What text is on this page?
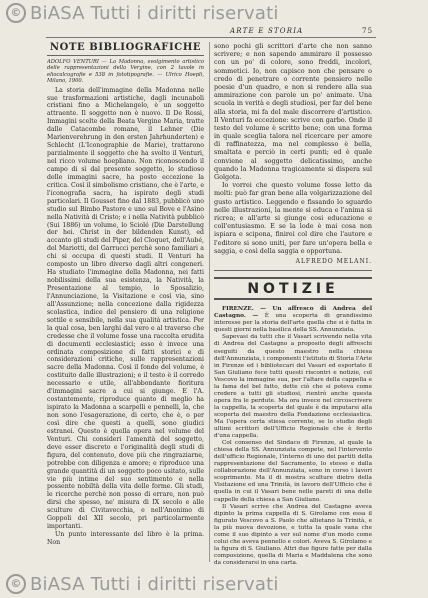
© BiASA Tutti i diritti riservati
ARTE E STORIA	75
NOTE BIBLIOGRAFICHE
ADOLFO VENTURI — La Madonna, svolgimento artistico delle rappresentazioni della Vergine, con 2 tavole in eliocalcografie e 538 in fototipografie. — Ulrico Hoepli, Milano, 1900.

La storia dell'immagine della Madonna nelle sue trasformazioni artistiche, dagli incunaboli cristiani fino a Michelangelo, è un soggetto attraente. Il soggetto non è nuovo. Il De Rossi, Immagini scelte della Beata Vergine Maria, tratte dalle Catacombe romane, il Lehner (Die Marienverehrung in den ersten Jahrhunderten) e Schlecht (L'Iconographie de Marie), trattarono parzialmente il soggetto che ha svolto il Venturi, nel ricco volume hoepliano. Non riconoscendo il campo di sì dal presente soggetto, lo studioso delle immagini sacre, ha posto eccezione la critica. Così il simbolismo cristiano, che è l'arte, e l'iconografia sacra, ha ispirato degli studi particolari. Il Gousset fino dal 1883, pubblicò uno studio sul Bimbo Pastore e uno sul Bove e l'Asino nella Natività di Cristo; e i nella Natività pubblicò (Sui 1886) un volume, lo Sciolé (Die Darstellung der hei. Christ in der bildenden Kunst), ed accanto gli studi del Piper, del Cloquet, dell'Aubé, del Mariotti, del Garrucci perchè sono familiari a chi si occupa di questi studi. Il Venturi ha composto un libro diverso dagli altri congeneri. Ha studiato l'immagine della Madonna, nei fatti nobilissimi della sua esistenza, la Natività, la Presentazione al tempio, lo Sposalizio, l'Annunciazione, la Visitazione e così via, sino all'Assunzione; nella concezione dalla rigidezza scolastica, indice del pensiero di una religione sottile e sensibile, nella sua qualità artistica. Per la qual cosa, ben larghi dal vero e al traverso che credesse che il volume fosse una raccolta erudita di documenti ecclesiastici; esso è invece una ordinata composizione di fatti storici e di considerazioni critiche, sulle rappresentazioni sacre della Madonna. Così il fondo del volume, è costituito dalle illustrazioni; e il testo è il corredo necessario e utile, all'abbondante fioritura d'immagini sacre a cui si giunge. E l'A. costantemente, riproduce quanto di meglio ha ispirato la Madonna a scarpelli e pennelli, la, che non sono l'esagerazione, di certo, che è, o per così dire che questi a quelli, sono giudici estranei. Questo è quella opera nel volume del Venturi. Chi consideri l'amenità del soggetto, deve esser discreto e l'originalità degli studi di figura, del contenuto, dove più che ringraziarne, potrebbe con diligenza e amore; e riproduce una grande quantità di un soggetto poco usitato, sulle vie più intime del suo sentimento e nella possente nobiltà della vita delle forme. Gli studi, le ricerche perchè non posso di errare, non può dirsi che spesso, ne' misura di IX secolo e alle sculture di Civitavecchia, e nell'Anonimo di Goppoli del XII secolo, pri particolarmente importanti.

Un punto interessante del libro è la prima. Non

sono pochi gli scrittori d'arte che non sanno scrivere; e non sapendo ammirare il possesso con un po' di colore, sono freddi, incolori, sommetici. Io, non capisco non che pensare o credo di penetrare o corrente pensiero nelle poesie d'un quadro, e non si rendere alla sua ammirazione con parole un po' animate. Una scuola in verità e degli studiosi, per far del bene alla storia, mi fa del male discorrere d'artistico. Il Venturi fa eccezione: scrive con garbo. Onde il testo del volume è scritto bene; con una forma in quale sceglia talora nel ricercare per amore di raffinatezza, ma nel complesso è bella, smaltata e perciò in certi punti; ed è quale conviene al soggetto delicatissimo, anche quando la Madonna tragicamente si dispera sul Golgota.

Io vorrei che questo volume fosse letto da molti: può far gran bene alla volgarizzazione del gusto artistico. Leggendo e fissando lo sguardo nelle illustrazioni, la mente si educa e l'anima si ricrea; e all'arte si giunge cosi educazione e coll'entusiasmo. E se la lode è mai cosa non ispiara e scipona, finirei col dire che l'autore e l'editore si sono uniti, per fare un'opera bella e saggia, e così della saggia e opportuna.

ALFREDO MELANI.
NOTIZIE

FIRENZE. — Un affresco di Andrea del Castagno. — È una scoperta di grandissimo interesse per la storia dell'arte quella che si è fatta in questi giorni nella basilica della SS. Annunziata.

Sapevasi da tutti che il Vasari scrivendo nella vita di Andrea del Castagno a proposito degli affreschi eseguiti da questo maestro nella chiesa dell'Annunziata, i componenti l'istituto di Storia l'Arte in Firenze ed i bibliotecari del Vasari ed esportato il San Giuliano fece tutti questi riscontri e notizie, col Vescovo la immagine sua, per l'altare della cappella e la fama del bel fatto, dette ciò che si poteva come credere a tutti gli studiosi, rientrò anche questa opera fra le perdute. Ma ora invece nel circoscrivere la cappella, la scoperta del quale è da imputarsi alla scoperta del maestro della Fondazione ecclesiastica. Ma l'opera certa stiesa corrente, se lo studio degli ultimi scrittori dell'Ufficio Regionale che è ferito d'una cappella.

Col consenso del Sindaco di Firenze, al quale la chiesa della SS. Annunziata compete, nel l'intervento dell'ufficio Regionale, l'interno di uno dei partiti della rappresentazione del Sacramento, lo stesso e dalla collaborazione dell'Annunziata, sono in corso i lavori scoprimento. Ma il di mostra sculture dietro della Visitazione ed una Trinità, in lavoro dell'Ufficio che è quella in cui il Vasari bene nelle pareti di una delle cappelle della chiesa a San Giuliano.

Il Vasari scrive che Andrea del Castagno aveva dipinto la prima cappella di S. Girolamo con essa il figurato Vescovo a S. Paolo che allietano la Trinità, e la più nuova devozione, e tutta la quale vana che come il suo dipinto a ver sul nome d'un modo come colui che aveva pennello e colori. Aveva S. Girolamo e la figura di S. Giuliano. Altri due figure fatte per dalla composizione, quella di Maria e Maddalena che sono da considerarsi in una carta.

© BiASA Tutti i diritti riservati
